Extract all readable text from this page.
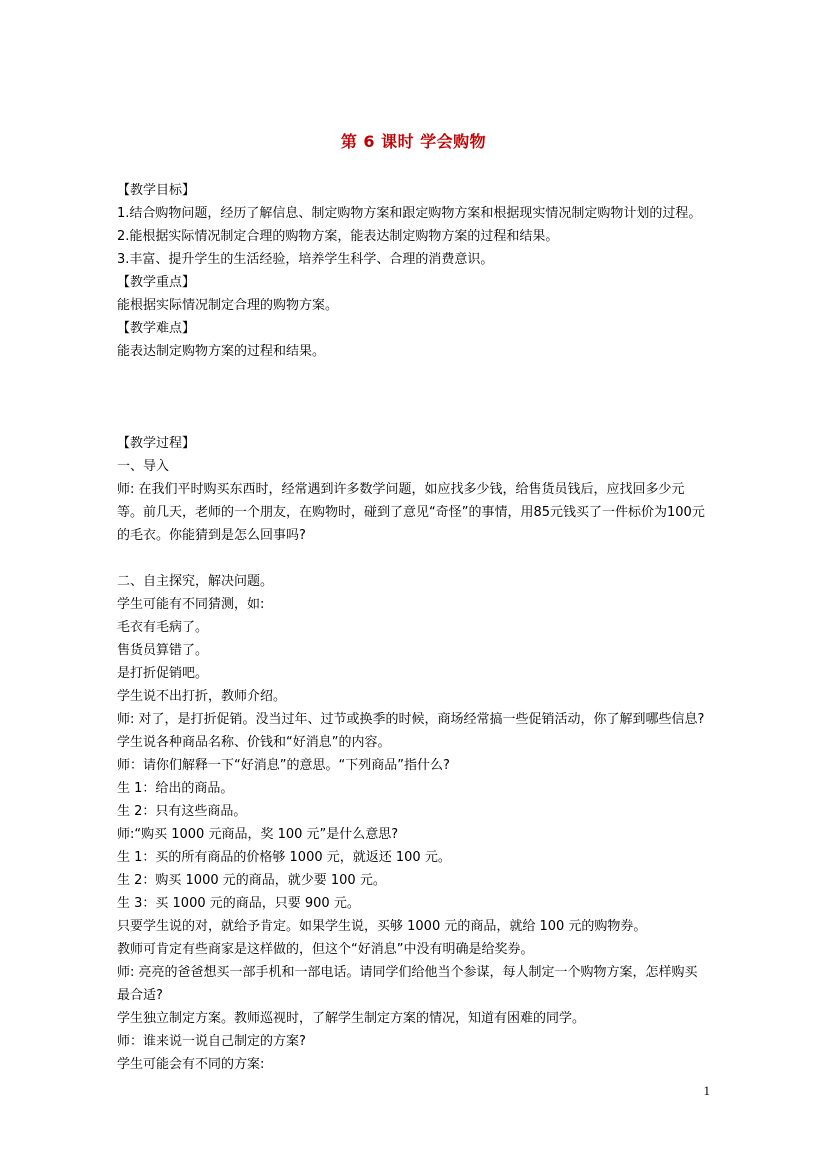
第 6 课时 学会购物
【教学目标】
1.结合购物问题，经历了解信息、制定购物方案和跟定购物方案和根据现实情况制定购物计划的过程。
2.能根据实际情况制定合理的购物方案，能表达制定购物方案的过程和结果。
3.丰富、提升学生的生活经验，培养学生科学、合理的消费意识。
【教学重点】
能根据实际情况制定合理的购物方案。
【教学难点】
能表达制定购物方案的过程和结果。
【教学过程】
一、导入
师: 在我们平时购买东西时，经常遇到许多数学问题，如应找多少钱，给售货员钱后，应找回多少元等。前几天，老师的一个朋友，在购物时，碰到了意见“奇怪”的事情，用85元钱买了一件标价为100元的毛衣。你能猜到是怎么回事吗?
二、自主探究，解决问题。
学生可能有不同猜测，如:
毛衣有毛病了。
售货员算错了。
是打折促销吧。
学生说不出打折，教师介绍。
师: 对了，是打折促销。没当过年、过节或换季的时候，商场经常搞一些促销活动，你了解到哪些信息?
学生说各种商品名称、价钱和“好消息”的内容。
师：请你们解释一下“好消息”的意思。“下列商品”指什么?
生 1：给出的商品。
生 2：只有这些商品。
师:“购买 1000 元商品，奖 100 元”是什么意思?
生 1：买的所有商品的价格够 1000 元，就返还 100 元。
生 2：购买 1000 元的商品，就少要 100 元。
生 3：买 1000 元的商品，只要 900 元。
只要学生说的对，就给予肯定。如果学生说，买够 1000 元的商品，就给 100 元的购物券。
教师可肯定有些商家是这样做的，但这个“好消息”中没有明确是给奖券。
师: 亮亮的爸爸想买一部手机和一部电话。请同学们给他当个参谋，每人制定一个购物方案，怎样购买最合适?
学生独立制定方案。教师巡视时，了解学生制定方案的情况，知道有困难的同学。
师：谁来说一说自己制定的方案?
学生可能会有不同的方案:
1
